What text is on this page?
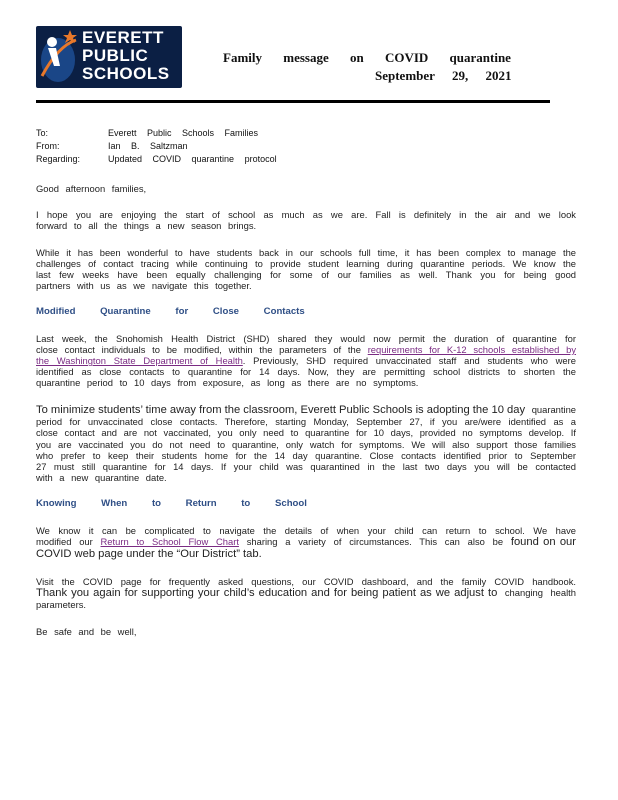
EVERETT
PUBLIC
SCHOOLS
Family message on COVID quarantine
September 29, 2021
To:	Everett Public Schools Families
From:	Ian B. Saltzman
Regarding:	Updated COVID quarantine protocol

Good afternoon families,

I hope you are enjoying the start of school as much as we are. Fall is definitely in the air and we look forward to all the things a new season brings.

While it has been wonderful to have students back in our schools full time, it has been complex to manage the challenges of contact tracing while continuing to provide student learning during quarantine periods. We know the last few weeks have been equally challenging for some of our families as well. Thank you for being good partners with us as we navigate this together.

Modified Quarantine for Close Contacts

Last week, the Snohomish Health District (SHD) shared they would now permit the duration of quarantine for close contact individuals to be modified, within the parameters of the requirements for K-12 schools established by the Washington State Department of Health. Previously, SHD required unvaccinated staff and students who were identified as close contacts to quarantine for 14 days. Now, they are permitting school districts to shorten the quarantine period to 10 days from exposure, as long as there are no symptoms.

To minimize students’ time away from the classroom, Everett Public Schools is adopting the 10 day quarantine period for unvaccinated close contacts. Therefore, starting Monday, September 27, if you are/were identified as a close contact and are not vaccinated, you only need to quarantine for 10 days, provided no symptoms develop. If you are vaccinated you do not need to quarantine, only watch for symptoms. We will also support those families who prefer to keep their students home for the 14 day quarantine. Close contacts identified prior to September 27 must still quarantine for 14 days. If your child was quarantined in the last two days you will be contacted with a new quarantine date.

Knowing When to Return to School

We know it can be complicated to navigate the details of when your child can return to school. We have modified our Return to School Flow Chart sharing a variety of circumstances. This can also be found on our COVID web page under the “Our District” tab.

Visit the COVID page for frequently asked questions, our COVID dashboard, and the family COVID handbook. Thank you again for supporting your child’s education and for being patient as we adjust to changing health parameters.

Be safe and be well,
